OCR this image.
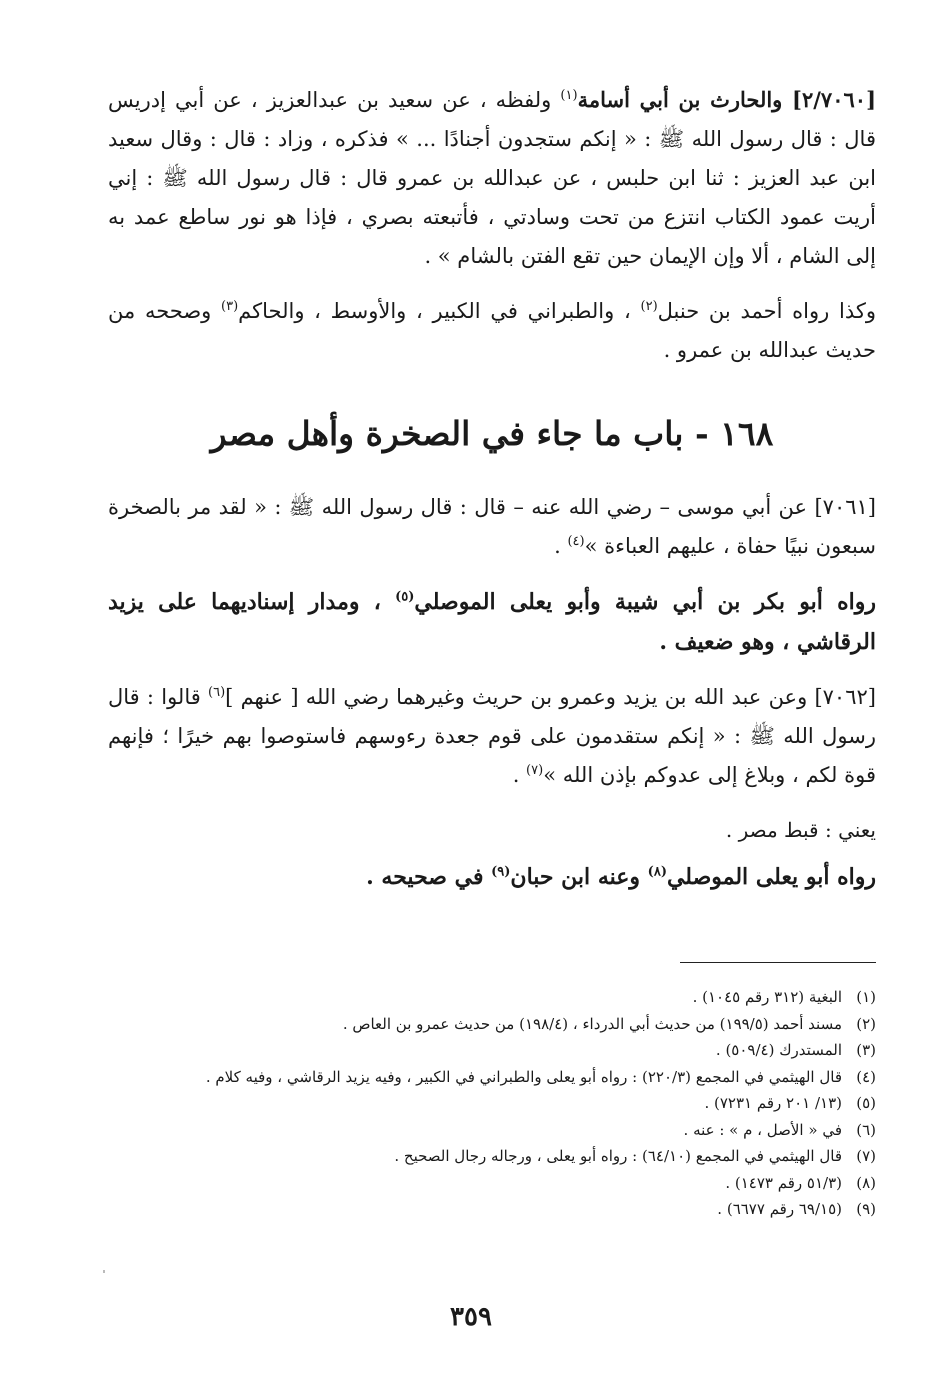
[۲/۷۰٦۰] والحارث بن أبي أسامة$^{(١)}$ ولفظه ، عن سعيد بن عبدالعزيز ، عن أبي إدريس قال : قال رسول الله ﷺ : « إنكم ستجدون أجنادًا ... » فذكره ، وزاد : قال : وقال سعيد ابن عبد العزيز : ثنا ابن حلبس ، عن عبدالله بن عمرو قال : قال رسول الله ﷺ : إني أريت عمود الكتاب انتزع من تحت وسادتي ، فأتبعته بصري ، فإذا هو نور ساطع عمد به إلى الشام ، ألا وإن الإيمان حين تقع الفتن بالشام » .

وكذا رواه أحمد بن حنبل$^{(٢)}$ ، والطبراني في الكبير ، والأوسط ، والحاكم$^{(٣)}$ وصححه من حديث عبدالله بن عمرو .

١٦٨ - باب ما جاء في الصخرة وأهل مصر

[۷۰٦۱] عن أبي موسى – رضي الله عنه – قال : قال رسول الله ﷺ : « لقد مر بالصخرة سبعون نبيًا حفاة ، عليهم العباءة »$^{(٤)}$ .

رواه أبو بكر بن أبي شيبة وأبو يعلى الموصلي$^{(٥)}$ ، ومدار إسناديهما على يزيد الرقاشي ، وهو ضعيف .

[۷۰٦۲] وعن عبد الله بن يزيد وعمرو بن حريث وغيرهما رضي الله [ عنهم ]$^{(٦)}$ قالوا : قال رسول الله ﷺ : « إنكم ستقدمون على قوم جعدة رءوسهم فاستوصوا بهم خيرًا ؛ فإنهم قوة لكم ، وبلاغ إلى عدوكم بإذن الله »$^{(٧)}$ .

يعني : قبط مصر .

رواه أبو يعلى الموصلي$^{(٨)}$ وعنه ابن حبان$^{(٩)}$ في صحيحه .

(١)البغية (٣١٢ رقم ١٠٤٥) .
(٢)مسند أحمد (١٩٩/٥) من حديث أبي الدرداء ، (١٩٨/٤) من حديث عمرو بن العاص .
(٣)المستدرك (٥٠٩/٤) .
(٤)قال الهيثمي في المجمع (٢٢٠/٣) : رواه أبو يعلى والطبراني في الكبير ، وفيه يزيد الرقاشي ، وفيه كلام .
(٥)(١٣/ ٢٠١ رقم ٧٢٣١) .
(٦)في « الأصل ، م » : عنه .
(٧)قال الهيثمي في المجمع (٦٤/١٠) : رواه أبو يعلى ، ورجاله رجال الصحيح .
(٨)(٥١/٣ رقم ١٤٧٣) .
(٩)(٦٩/١٥ رقم ٦٦٧٧) .
٣٥٩
